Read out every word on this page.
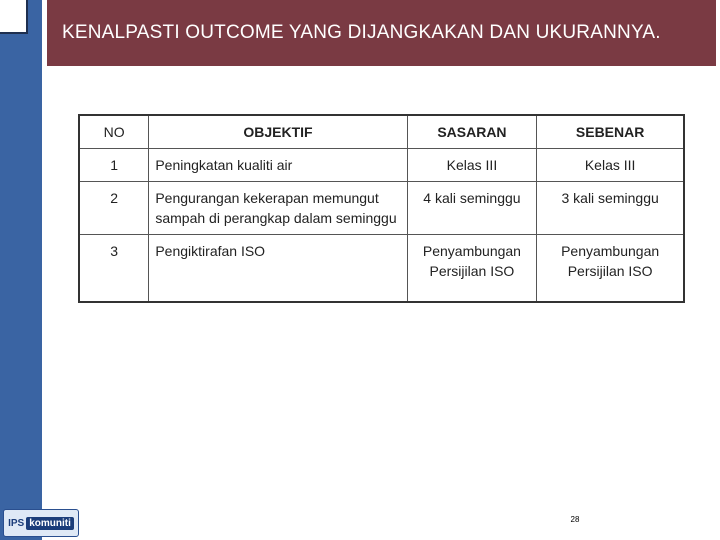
KENALPASTI OUTCOME YANG DIJANGKAKAN DAN UKURANNYA.
NO	OBJEKTIF	SASARAN	SEBENAR
1	Peningkatan kualiti air	Kelas III	Kelas III
2	Pengurangan kekerapan memungut sampah di perangkap dalam seminggu	4 kali seminggu	3 kali seminggu
3	Pengiktirafan ISO	Penyambungan Persijilan ISO	Penyambungan Persijilan ISO
IPS komuniti	28
